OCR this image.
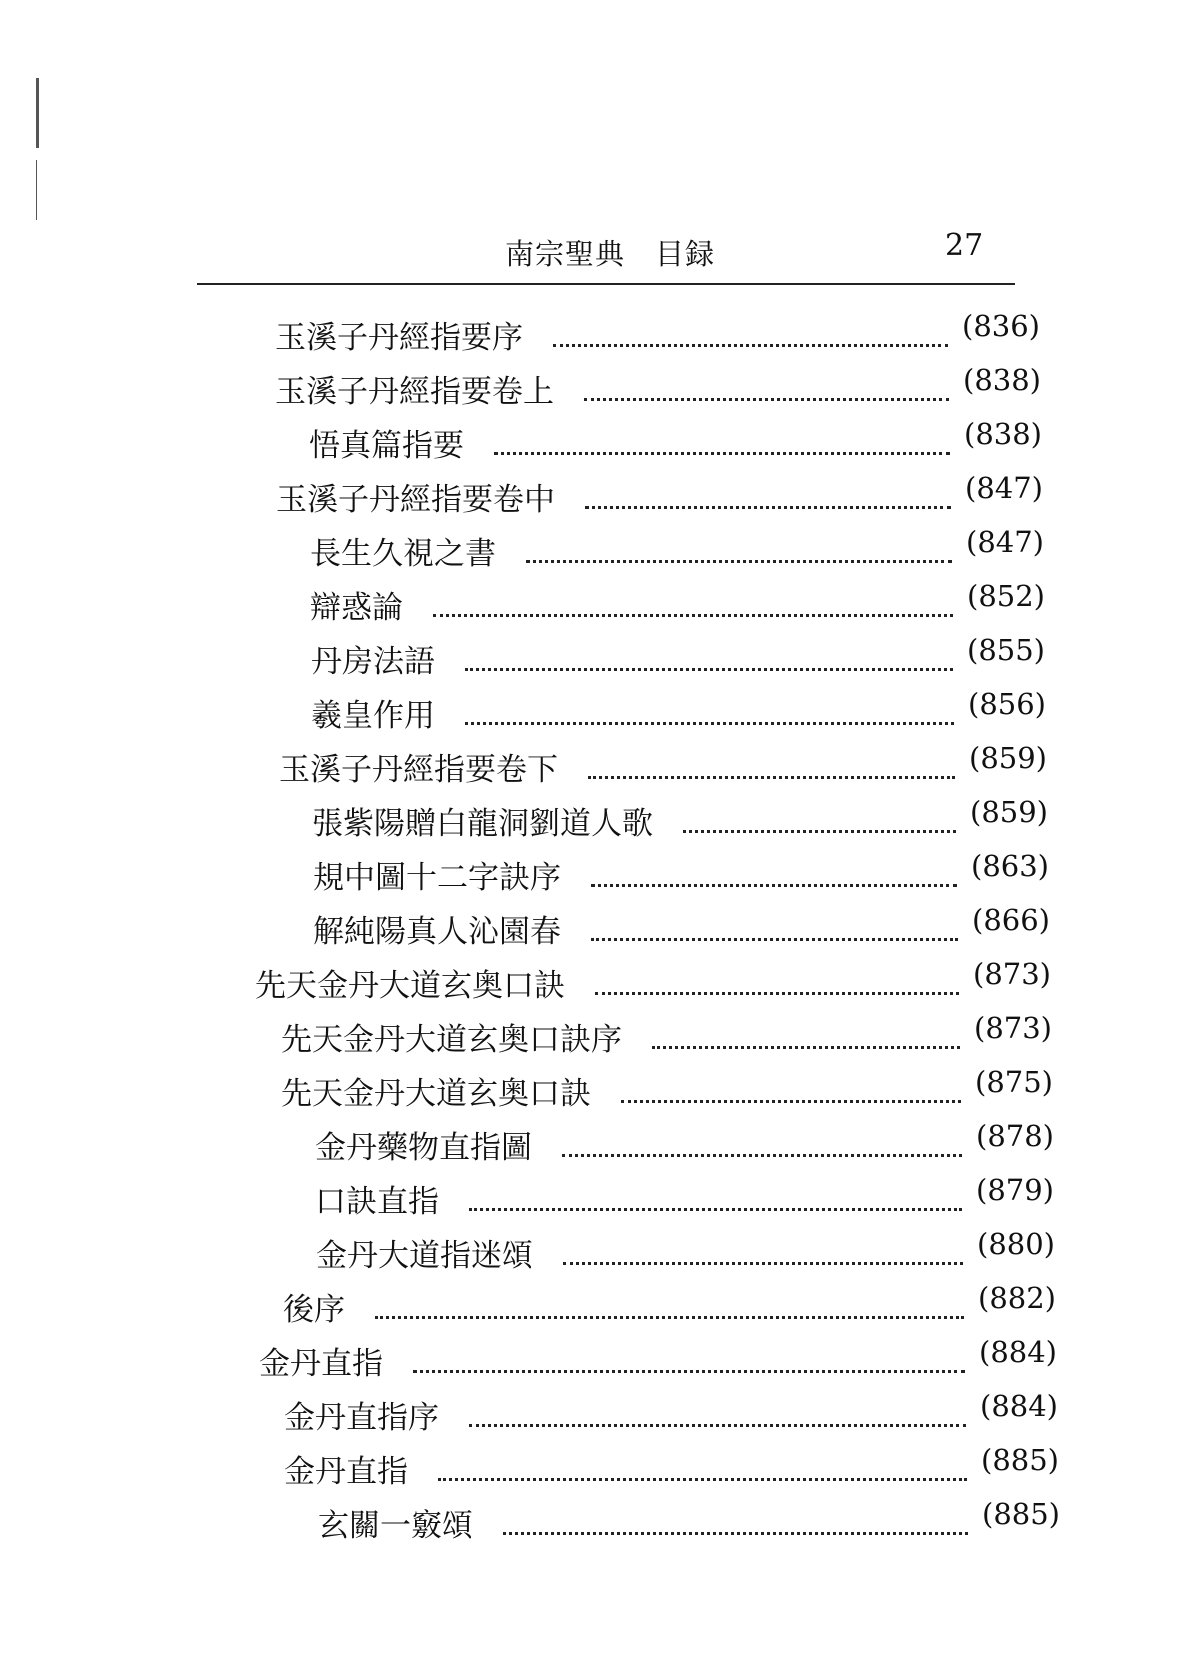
南宗聖典　目録	27
玉溪子丹經指要序	(836)
玉溪子丹經指要卷上	(838)
悟真篇指要	(838)
玉溪子丹經指要卷中	(847)
長生久視之書	(847)
辯惑論	(852)
丹房法語	(855)
羲皇作用	(856)
玉溪子丹經指要卷下	(859)
張紫陽贈白龍洞劉道人歌	(859)
規中圖十二字訣序	(863)
解純陽真人沁園春	(866)
先天金丹大道玄奥口訣	(873)
先天金丹大道玄奥口訣序	(873)
先天金丹大道玄奥口訣	(875)
金丹藥物直指圖	(878)
口訣直指	(879)
金丹大道指迷頌	(880)
後序	(882)
金丹直指	(884)
金丹直指序	(884)
金丹直指	(885)
玄關一竅頌	(885)
